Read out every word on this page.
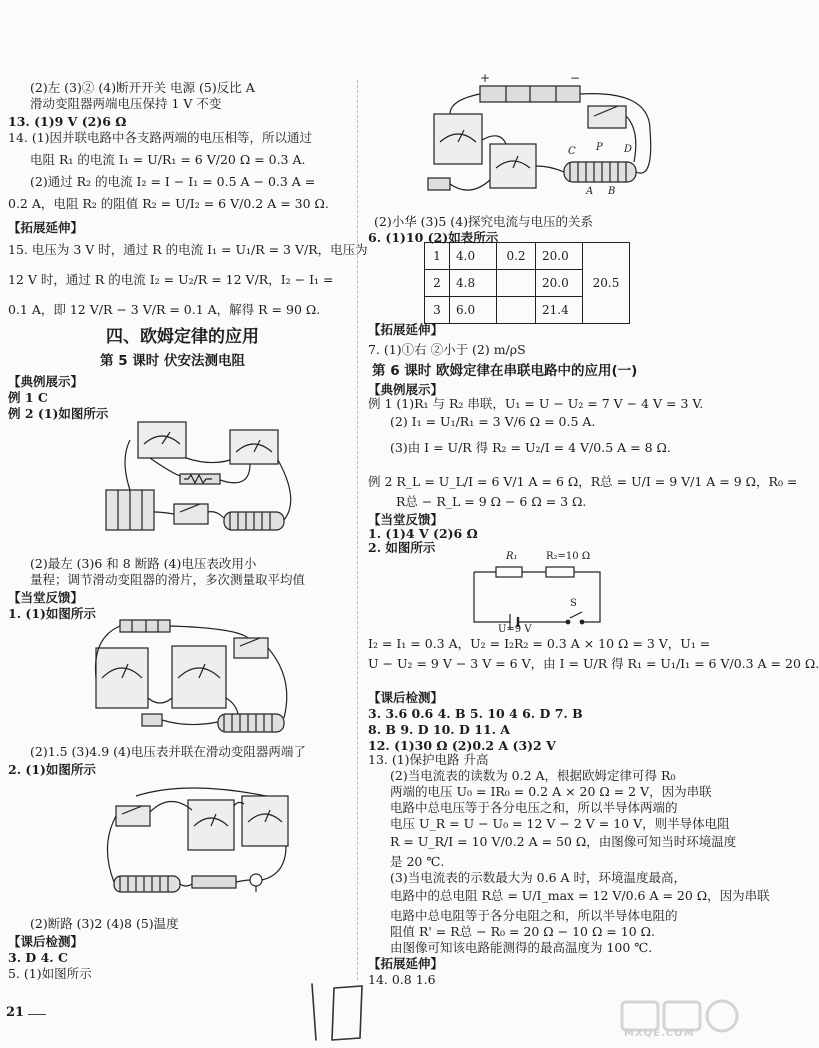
(2)左 (3)② (4)断开开关 电源 (5)反比 A
滑动变阻器两端电压保持 1 V 不变
13. (1)9 V (2)6 Ω
14. (1)因并联电路中各支路两端的电压相等，所以通过
电阻 R₁ 的电流 I₁ = U/R₁ = 6 V/20 Ω = 0.3 A.
(2)通过 R₂ 的电流 I₂ = I − I₁ = 0.5 A − 0.3 A =
0.2 A，电阻 R₂ 的阻值 R₂ = U/I₂ = 6 V/0.2 A = 30 Ω.
【拓展延伸】
15. 电压为 3 V 时，通过 R 的电流 I₁ = U₁/R = 3 V/R，电压为
12 V 时，通过 R 的电流 I₂ = U₂/R = 12 V/R，I₂ − I₁ =
0.1 A，即 12 V/R − 3 V/R = 0.1 A，解得 R = 90 Ω.
四、欧姆定律的应用
第 5 课时 伏安法测电阻
【典例展示】
例 1 C
例 2 (1)如图所示
(2)最左 (3)6 和 8 断路 (4)电压表改用小
量程；调节滑动变阻器的滑片，多次测量取平均值
【当堂反馈】
1. (1)如图所示
(2)1.5 (3)4.9 (4)电压表并联在滑动变阻器两端了
2. (1)如图所示
(2)断路 (3)2 (4)8 (5)温度
【课后检测】
3. D 4. C
5. (1)如图所示
+	−
C P D
A B
(2)小华 (3)5 (4)探究电流与电压的关系
6. (1)10 (2)如表所示
1	4.0	0.2	20.0	20.5
2	4.8		20.0	
3	6.0		21.4	
【拓展延伸】
7. (1)①右 ②小于 (2) m/ρS
第 6 课时 欧姆定律在串联电路中的应用(一)
【典例展示】
例 1 (1)R₁ 与 R₂ 串联，U₁ = U − U₂ = 7 V − 4 V = 3 V.
(2) I₁ = U₁/R₁ = 3 V/6 Ω = 0.5 A.
(3)由 I = U/R 得 R₂ = U₂/I = 4 V/0.5 A = 8 Ω.
例 2 R_L = U_L/I = 6 V/1 A = 6 Ω，R总 = U/I = 9 V/1 A = 9 Ω，R₀ =
R总 − R_L = 9 Ω − 6 Ω = 3 Ω.
【当堂反馈】
1. (1)4 V (2)6 Ω
2. 如图所示
R₁	R₂=10 Ω
S
U=9 V
I₂ = I₁ = 0.3 A，U₂ = I₂R₂ = 0.3 A × 10 Ω = 3 V，U₁ =
U − U₂ = 9 V − 3 V = 6 V，由 I = U/R 得 R₁ = U₁/I₁ = 6 V/0.3 A = 20 Ω.
【课后检测】
3. 3.6 0.6 4. B 5. 10 4 6. D 7. B
8. B 9. D 10. D 11. A
12. (1)30 Ω (2)0.2 A (3)2 V
13. (1)保护电路 升高
(2)当电流表的读数为 0.2 A，根据欧姆定律可得 R₀
两端的电压 U₀ = IR₀ = 0.2 A × 20 Ω = 2 V，因为串联
电路中总电压等于各分电压之和，所以半导体两端的
电压 U_R = U − U₀ = 12 V − 2 V = 10 V，则半导体电阻
R = U_R/I = 10 V/0.2 A = 50 Ω，由图像可知当时环境温度
是 20 ℃.
(3)当电流表的示数最大为 0.6 A 时，环境温度最高，
电路中的总电阻 R总 = U/I_max = 12 V/0.6 A = 20 Ω，因为串联
电路中总电阻等于各分电阻之和，所以半导体电阻的
阻值 R' = R总 − R₀ = 20 Ω − 10 Ω = 10 Ω.
由图像可知该电路能测得的最高温度为 100 ℃.
【拓展延伸】
14. 0.8 1.6
21
MXQE.COM
